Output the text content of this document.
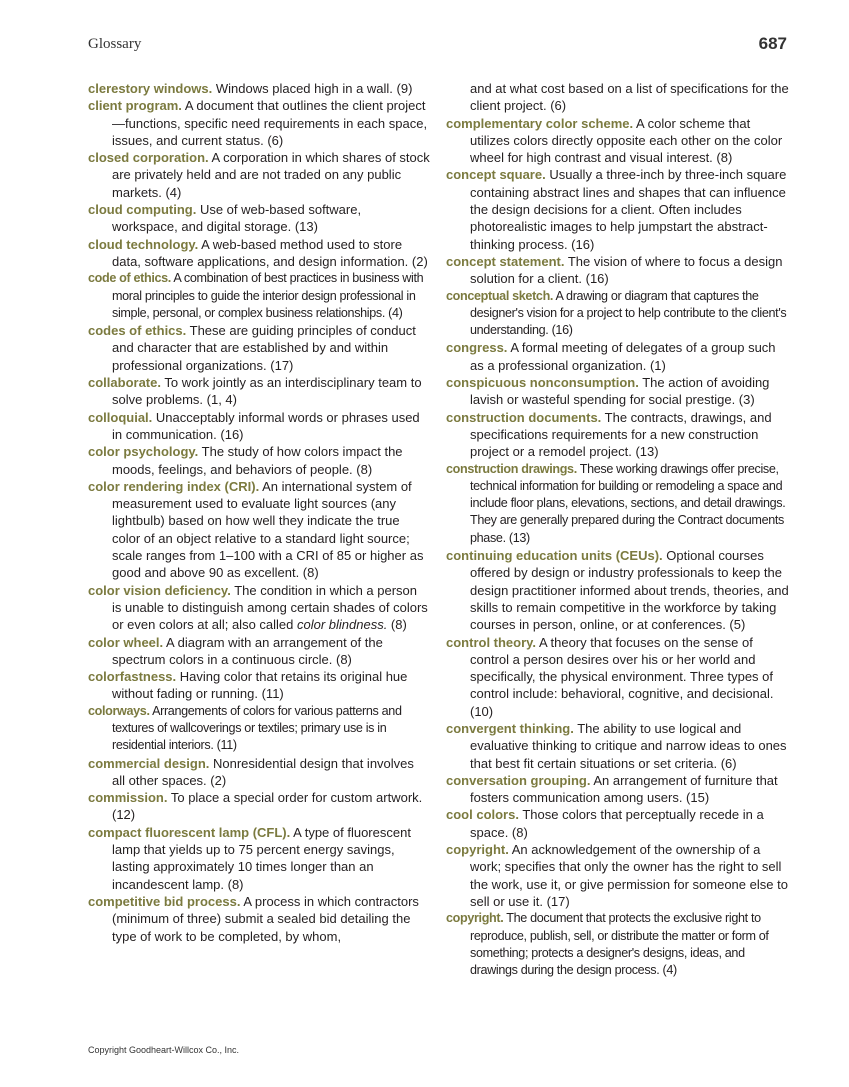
Glossary	687

clerestory windows. Windows placed high in a wall. (9)

client program. A document that outlines the client project—functions, specific need requirements in each space, issues, and current status. (6)

closed corporation. A corporation in which shares of stock are privately held and are not traded on any public markets. (4)

cloud computing. Use of web-based software, workspace, and digital storage. (13)

cloud technology. A web-based method used to store data, software applications, and design information. (2)

code of ethics. A combination of best practices in business with moral principles to guide the interior design professional in simple, personal, or complex business relationships. (4)

codes of ethics. These are guiding principles of conduct and character that are established by and within professional organizations. (17)

collaborate. To work jointly as an interdisciplinary team to solve problems. (1, 4)

colloquial. Unacceptably informal words or phrases used in communication. (16)

color psychology. The study of how colors impact the moods, feelings, and behaviors of people. (8)

color rendering index (CRI). An international system of measurement used to evaluate light sources (any lightbulb) based on how well they indicate the true color of an object relative to a standard light source; scale ranges from 1–100 with a CRI of 85 or higher as good and above 90 as excellent. (8)

color vision deficiency. The condition in which a person is unable to distinguish among certain shades of colors or even colors at all; also called color blindness. (8)

color wheel. A diagram with an arrangement of the spectrum colors in a continuous circle. (8)

colorfastness. Having color that retains its original hue without fading or running. (11)

colorways. Arrangements of colors for various patterns and textures of wallcoverings or textiles; primary use is in residential interiors. (11)

commercial design. Nonresidential design that involves all other spaces. (2)

commission. To place a special order for custom artwork. (12)

compact fluorescent lamp (CFL). A type of fluorescent lamp that yields up to 75 percent energy savings, lasting approximately 10 times longer than an incandescent lamp. (8)

competitive bid process. A process in which contractors (minimum of three) submit a sealed bid detailing the type of work to be completed, by whom,

and at what cost based on a list of specifications for the client project. (6)

complementary color scheme. A color scheme that utilizes colors directly opposite each other on the color wheel for high contrast and visual interest. (8)

concept square. Usually a three-inch by three-inch square containing abstract lines and shapes that can influence the design decisions for a client. Often includes photorealistic images to help jumpstart the abstract-thinking process. (16)

concept statement. The vision of where to focus a design solution for a client. (16)

conceptual sketch. A drawing or diagram that captures the designer's vision for a project to help contribute to the client's understanding. (16)

congress. A formal meeting of delegates of a group such as a professional organization. (1)

conspicuous nonconsumption. The action of avoiding lavish or wasteful spending for social prestige. (3)

construction documents. The contracts, drawings, and specifications requirements for a new construction project or a remodel project. (13)

construction drawings. These working drawings offer precise, technical information for building or remodeling a space and include floor plans, elevations, sections, and detail drawings. They are generally prepared during the Contract documents phase. (13)

continuing education units (CEUs). Optional courses offered by design or industry professionals to keep the design practitioner informed about trends, theories, and skills to remain competitive in the workforce by taking courses in person, online, or at conferences. (5)

control theory. A theory that focuses on the sense of control a person desires over his or her world and specifically, the physical environment. Three types of control include: behavioral, cognitive, and decisional. (10)

convergent thinking. The ability to use logical and evaluative thinking to critique and narrow ideas to ones that best fit certain situations or set criteria. (6)

conversation grouping. An arrangement of furniture that fosters communication among users. (15)

cool colors. Those colors that perceptually recede in a space. (8)

copyright. An acknowledgement of the ownership of a work; specifies that only the owner has the right to sell the work, use it, or give permission for someone else to sell or use it. (17)

copyright. The document that protects the exclusive right to reproduce, publish, sell, or distribute the matter or form of something; protects a designer's designs, ideas, and drawings during the design process. (4)

Copyright Goodheart-Willcox Co., Inc.
